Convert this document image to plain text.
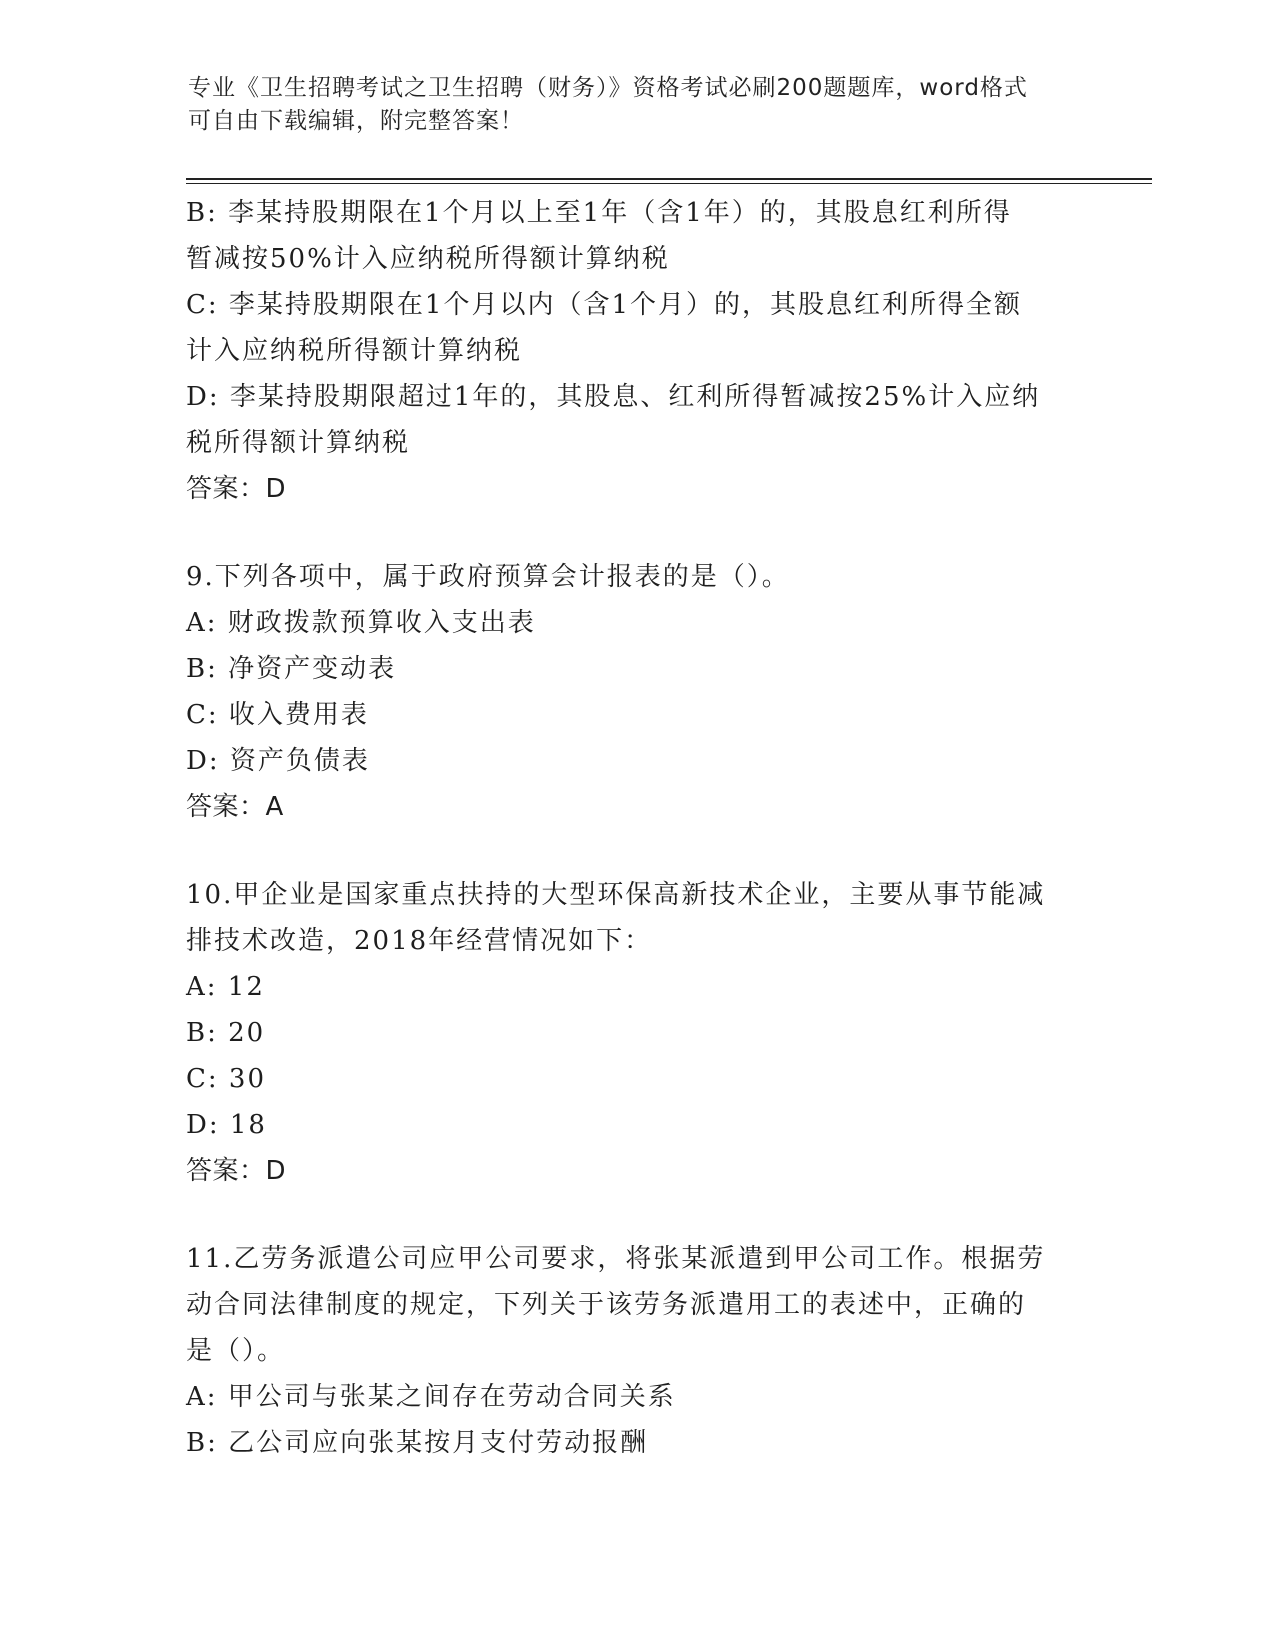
专业《卫生招聘考试之卫生招聘（财务）》资格考试必刷200题题库，word格式
可自由下载编辑，附完整答案！
B: 李某持股期限在1个月以上至1年（含1年）的，其股息红利所得
暂减按50%计入应纳税所得额计算纳税
C: 李某持股期限在1个月以内（含1个月）的，其股息红利所得全额
计入应纳税所得额计算纳税
D: 李某持股期限超过1年的，其股息、红利所得暂减按25%计入应纳
税所得额计算纳税
答案：D
9.下列各项中，属于政府预算会计报表的是（）。
A: 财政拨款预算收入支出表
B: 净资产变动表
C: 收入费用表
D: 资产负债表
答案：A
10.甲企业是国家重点扶持的大型环保高新技术企业，主要从事节能减
排技术改造，2018年经营情况如下：
A: 12
B: 20
C: 30
D: 18
答案：D
11.乙劳务派遣公司应甲公司要求，将张某派遣到甲公司工作。根据劳
动合同法律制度的规定，下列关于该劳务派遣用工的表述中，正确的
是（）。
A: 甲公司与张某之间存在劳动合同关系
B: 乙公司应向张某按月支付劳动报酬
